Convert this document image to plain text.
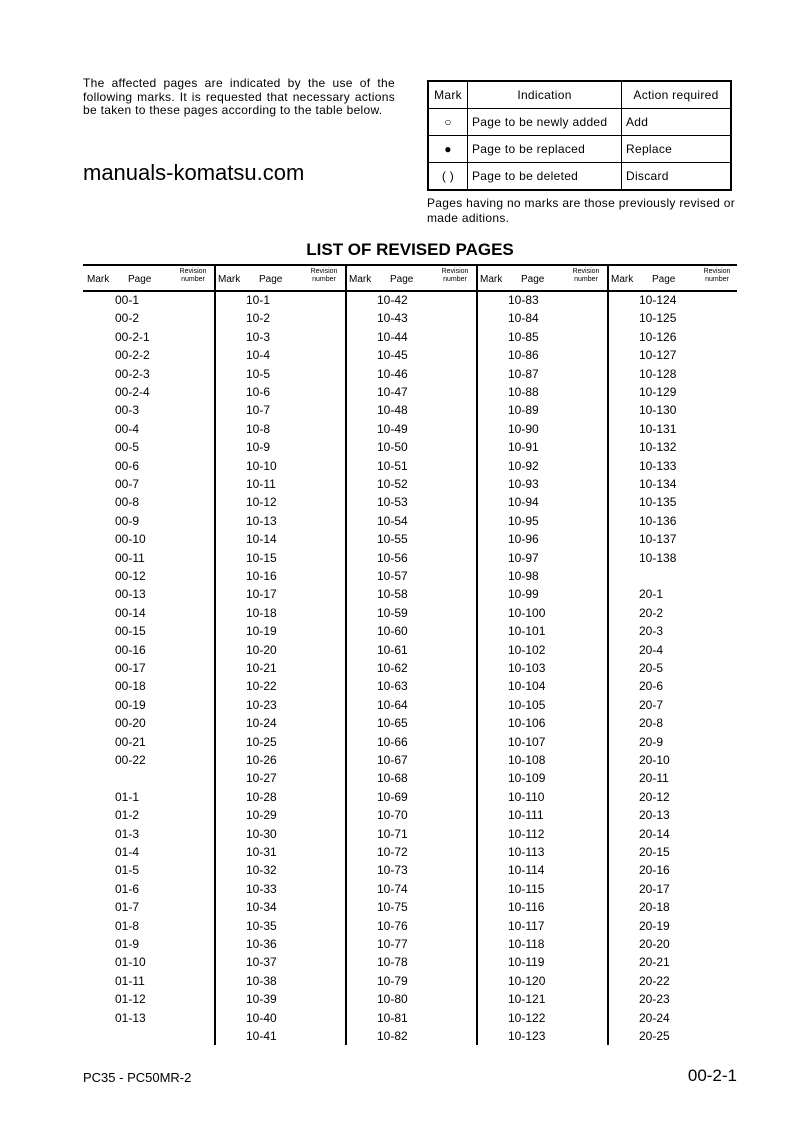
The affected pages are indicated by the use of the following marks. It is requested that necessary actions be taken to these pages according to the table below.
Mark	Indication	Action required
○	Page to be newly added	Add
●	Page to be replaced	Replace
( )	Page to be deleted	Discard
Pages having no marks are those previously revised or made aditions.
LIST OF REVISED PAGES
Mark Page
Revision number
00-1
00-2
00-2-1
00-2-2
00-2-3
00-2-4
00-3
00-4
00-5
00-6
00-7
00-8
00-9
00-10
00-11
00-12
00-13
00-14
00-15
00-16
00-17
00-18
00-19
00-20
00-21
00-22
01-1
01-2
01-3
01-4
01-5
01-6
01-7
01-8
01-9
01-10
01-11
01-12
01-13
Mark Page
Revision number
10-1
10-2
10-3
10-4
10-5
10-6
10-7
10-8
10-9
10-10
10-11
10-12
10-13
10-14
10-15
10-16
10-17
10-18
10-19
10-20
10-21
10-22
10-23
10-24
10-25
10-26
10-27
10-28
10-29
10-30
10-31
10-32
10-33
10-34
10-35
10-36
10-37
10-38
10-39
10-40
10-41
Mark Page
Revision number
10-42
10-43
10-44
10-45
10-46
10-47
10-48
10-49
10-50
10-51
10-52
10-53
10-54
10-55
10-56
10-57
10-58
10-59
10-60
10-61
10-62
10-63
10-64
10-65
10-66
10-67
10-68
10-69
10-70
10-71
10-72
10-73
10-74
10-75
10-76
10-77
10-78
10-79
10-80
10-81
10-82
Mark Page
Revision number
10-83
10-84
10-85
10-86
10-87
10-88
10-89
10-90
10-91
10-92
10-93
10-94
10-95
10-96
10-97
10-98
10-99
10-100
10-101
10-102
10-103
10-104
10-105
10-106
10-107
10-108
10-109
10-110
10-111
10-112
10-113
10-114
10-115
10-116
10-117
10-118
10-119
10-120
10-121
10-122
10-123
Mark Page
Revision number
10-124
10-125
10-126
10-127
10-128
10-129
10-130
10-131
10-132
10-133
10-134
10-135
10-136
10-137
10-138
20-1
20-2
20-3
20-4
20-5
20-6
20-7
20-8
20-9
20-10
20-11
20-12
20-13
20-14
20-15
20-16
20-17
20-18
20-19
20-20
20-21
20-22
20-23
20-24
20-25
manuals-komatsu.com
PC35 - PC50MR-2	00-2-1
